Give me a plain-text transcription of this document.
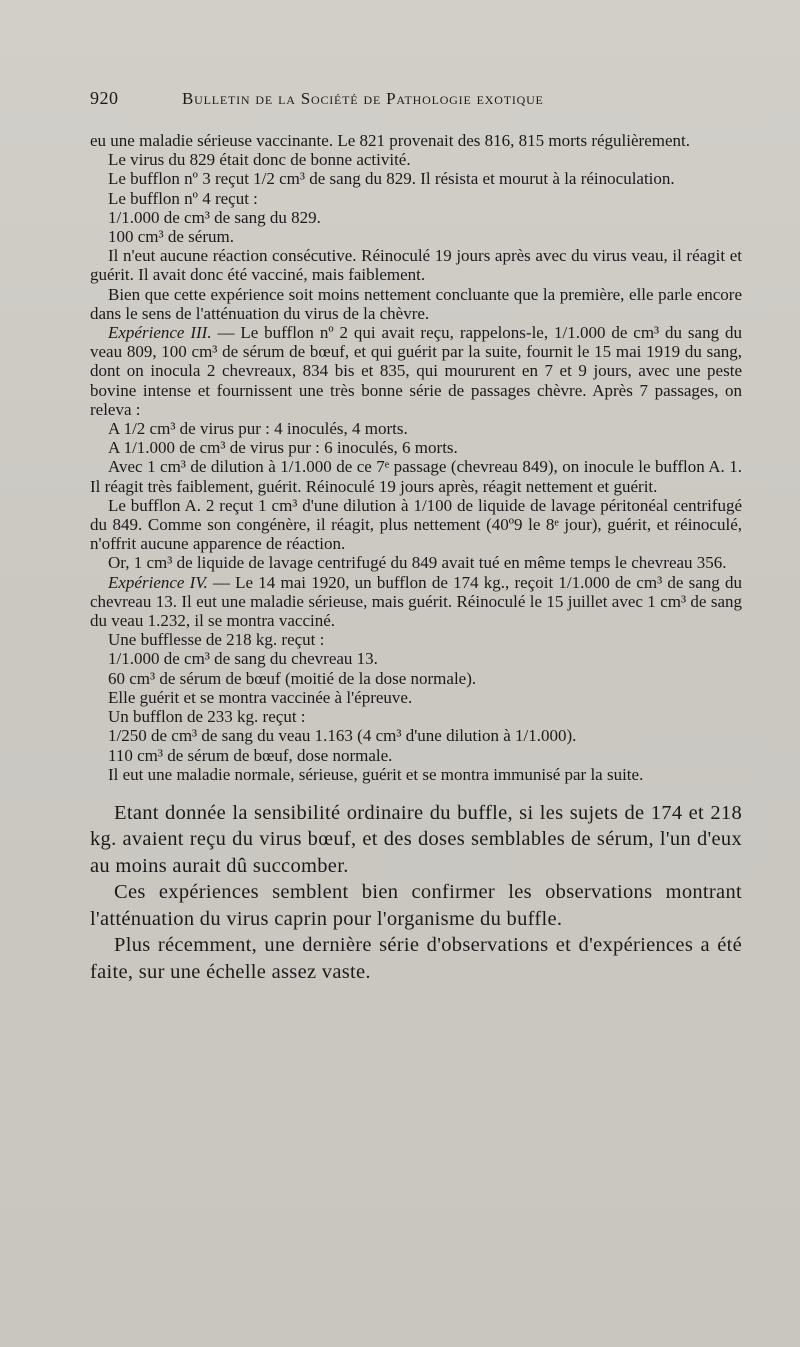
920	Bulletin de la Société de Pathologie exotique

eu une maladie sérieuse vaccinante. Le 821 provenait des 816, 815 morts régulièrement.

Le virus du 829 était donc de bonne activité.

Le bufflon nº 3 reçut 1/2 cm³ de sang du 829. Il résista et mourut à la réinoculation.

Le bufflon nº 4 reçut :

1/1.000 de cm³ de sang du 829.

100 cm³ de sérum.

Il n'eut aucune réaction consécutive. Réinoculé 19 jours après avec du virus veau, il réagit et guérit. Il avait donc été vacciné, mais faiblement.

Bien que cette expérience soit moins nettement concluante que la première, elle parle encore dans le sens de l'atténuation du virus de la chèvre.

Expérience III. — Le bufflon nº 2 qui avait reçu, rappelons-le, 1/1.000 de cm³ du sang du veau 809, 100 cm³ de sérum de bœuf, et qui guérit par la suite, fournit le 15 mai 1919 du sang, dont on inocula 2 chevreaux, 834 bis et 835, qui moururent en 7 et 9 jours, avec une peste bovine intense et fournissent une très bonne série de passages chèvre. Après 7 passages, on releva :

A 1/2 cm³ de virus pur : 4 inoculés, 4 morts.

A 1/1.000 de cm³ de virus pur : 6 inoculés, 6 morts.

Avec 1 cm³ de dilution à 1/1.000 de ce 7ᵉ passage (chevreau 849), on inocule le bufflon A. 1. Il réagit très faiblement, guérit. Réinoculé 19 jours après, réagit nettement et guérit.

Le bufflon A. 2 reçut 1 cm³ d'une dilution à 1/100 de liquide de lavage péritonéal centrifugé du 849. Comme son congénère, il réagit, plus nettement (40º9 le 8ᵉ jour), guérit, et réinoculé, n'offrit aucune apparence de réaction.

Or, 1 cm³ de liquide de lavage centrifugé du 849 avait tué en même temps le chevreau 356.

Expérience IV. — Le 14 mai 1920, un bufflon de 174 kg., reçoit 1/1.000 de cm³ de sang du chevreau 13. Il eut une maladie sérieuse, mais guérit. Réinoculé le 15 juillet avec 1 cm³ de sang du veau 1.232, il se montra vacciné.

Une bufflesse de 218 kg. reçut :

1/1.000 de cm³ de sang du chevreau 13.

60 cm³ de sérum de bœuf (moitié de la dose normale).

Elle guérit et se montra vaccinée à l'épreuve.

Un bufflon de 233 kg. reçut :

1/250 de cm³ de sang du veau 1.163 (4 cm³ d'une dilution à 1/1.000).

110 cm³ de sérum de bœuf, dose normale.

Il eut une maladie normale, sérieuse, guérit et se montra immunisé par la suite.

Etant donnée la sensibilité ordinaire du buffle, si les sujets de 174 et 218 kg. avaient reçu du virus bœuf, et des doses semblables de sérum, l'un d'eux au moins aurait dû succomber.

Ces expériences semblent bien confirmer les observations montrant l'atténuation du virus caprin pour l'organisme du buffle.

Plus récemment, une dernière série d'observations et d'expériences a été faite, sur une échelle assez vaste.
